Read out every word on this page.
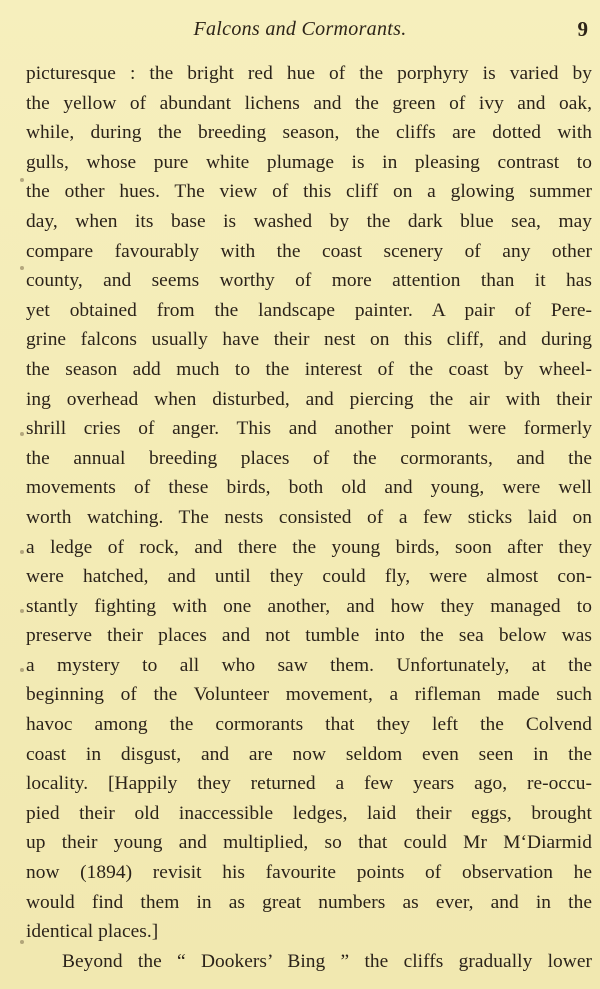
Falcons and Cormorants.	9
picturesque : the bright red hue of the porphyry is varied by
the yellow of abundant lichens and the green of ivy and oak,
while, during the breeding season, the cliffs are dotted with
gulls, whose pure white plumage is in pleasing contrast to
the other hues. The view of this cliff on a glowing summer
day, when its base is washed by the dark blue sea, may
compare favourably with the coast scenery of any other
county, and seems worthy of more attention than it has
yet obtained from the landscape painter. A pair of Pere-
grine falcons usually have their nest on this cliff, and during
the season add much to the interest of the coast by wheel-
ing overhead when disturbed, and piercing the air with their
shrill cries of anger. This and another point were formerly
the annual breeding places of the cormorants, and the
movements of these birds, both old and young, were well
worth watching. The nests consisted of a few sticks laid on
a ledge of rock, and there the young birds, soon after they
were hatched, and until they could fly, were almost con-
stantly fighting with one another, and how they managed to
preserve their places and not tumble into the sea below was
a mystery to all who saw them. Unfortunately, at the
beginning of the Volunteer movement, a rifleman made such
havoc among the cormorants that they left the Colvend
coast in disgust, and are now seldom even seen in the
locality. [Happily they returned a few years ago, re-occu-
pied their old inaccessible ledges, laid their eggs, brought
up their young and multiplied, so that could Mr M‘Diarmid
now (1894) revisit his favourite points of observation he
would find them in as great numbers as ever, and in the
identical places.]
Beyond the “ Dookers’ Bing ” the cliffs gradually lower
